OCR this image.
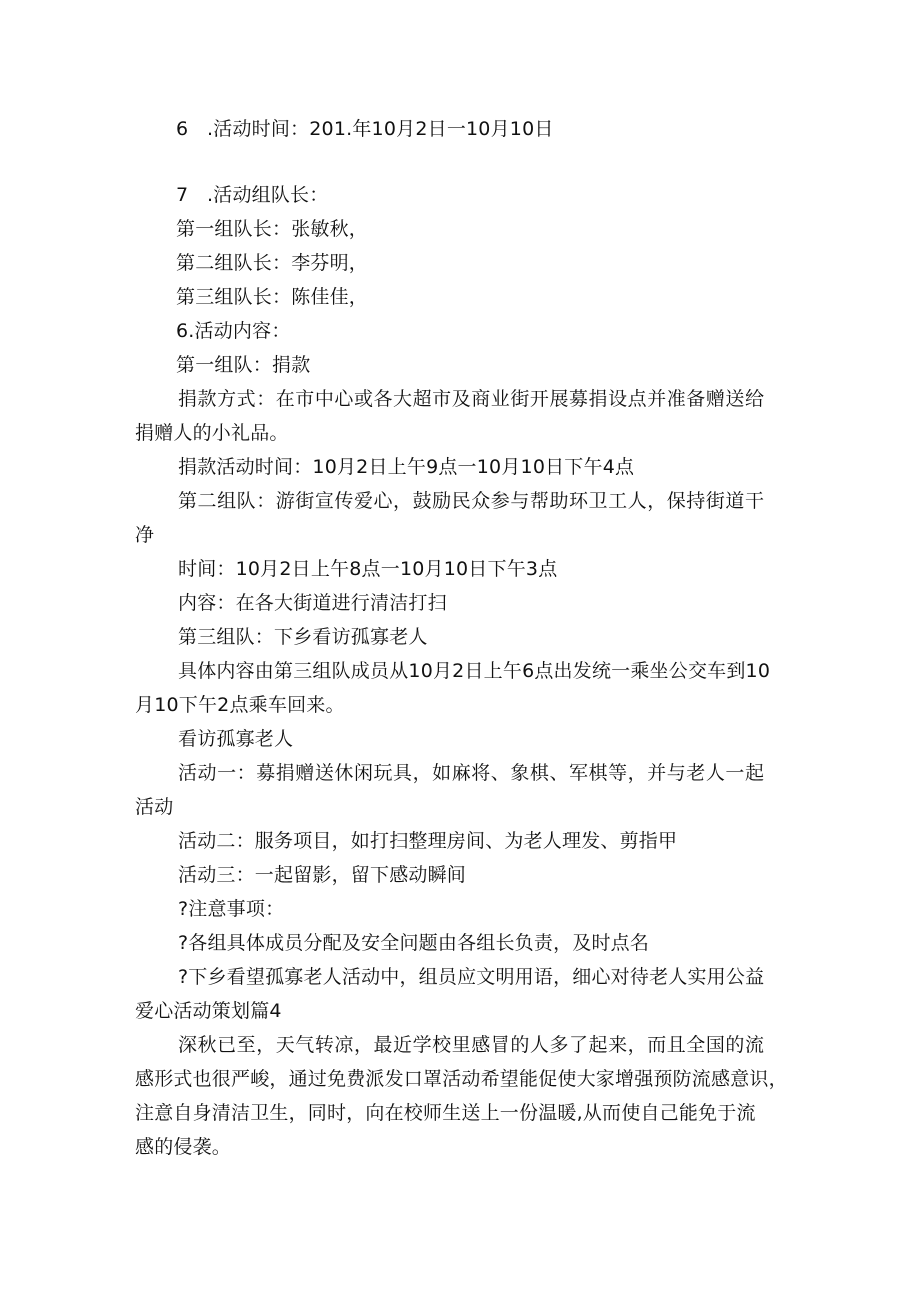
6   .活动时间：201.年10月2日一10月10日
7   .活动组队长：
第一组队长：张敏秋，
第二组队长：李芬明，
第三组队长：陈佳佳，
6.活动内容：
第一组队：捐款
捐款方式：在市中心或各大超市及商业街开展募捐设点并准备赠送给
捐赠人的小礼品。
捐款活动时间：10月2日上午9点一10月10日下午4点
第二组队：游街宣传爱心，鼓励民众参与帮助环卫工人，保持街道干
净
时间：10月2日上午8点一10月10日下午3点
内容：在各大街道进行清洁打扫
第三组队：下乡看访孤寡老人
具体内容由第三组队成员从10月2日上午6点出发统一乘坐公交车到10
月10下午2点乘车回来。
看访孤寡老人
活动一：募捐赠送休闲玩具，如麻将、象棋、军棋等，并与老人一起
活动
活动二：服务项目，如打扫整理房间、为老人理发、剪指甲
活动三：一起留影，留下感动瞬间
?注意事项：
?各组具体成员分配及安全问题由各组长负责，及时点名
?下乡看望孤寡老人活动中，组员应文明用语，细心对待老人实用公益
爱心活动策划篇4
深秋已至，天气转凉，最近学校里感冒的人多了起来，而且全国的流
感形式也很严峻，通过免费派发口罩活动希望能促使大家增强预防流感意识，
注意自身清洁卫生，同时，向在校师生送上一份温暖,从而使自己能免于流
感的侵袭。
